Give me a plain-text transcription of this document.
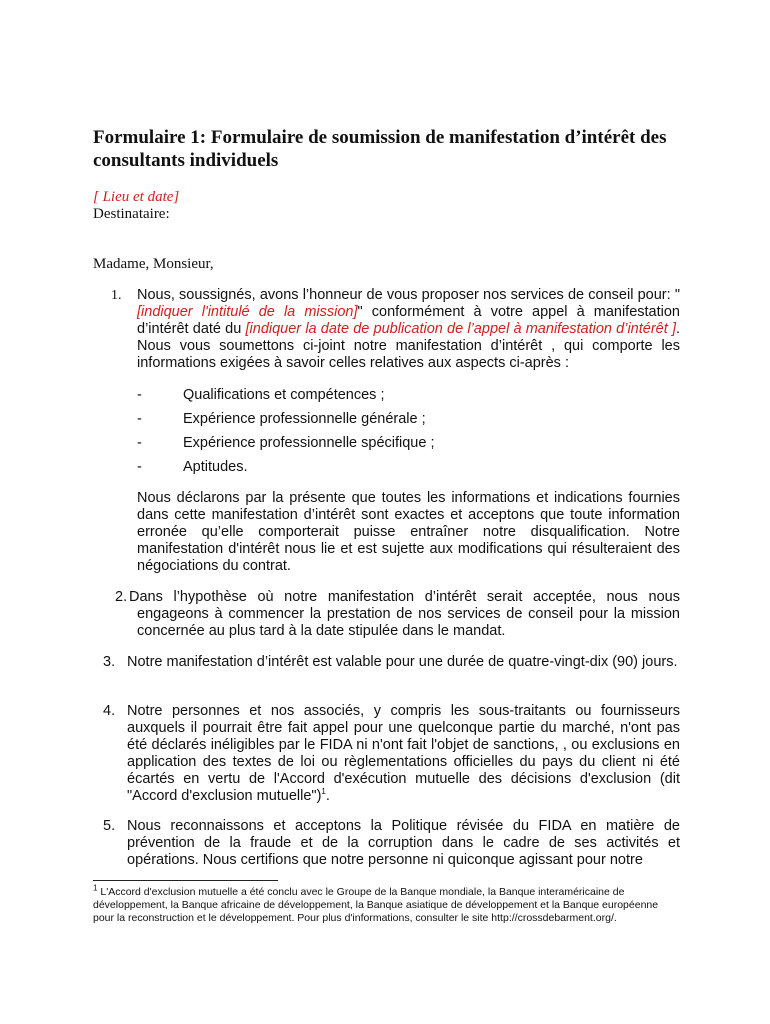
Formulaire 1: Formulaire de soumission de manifestation d’intérêt des consultants individuels
[ Lieu et date]
Destinataire:
Madame, Monsieur,
1. Nous, soussignés, avons l’honneur de vous proposer nos services de conseil pour: "[indiquer l'intitulé de la mission]" conformément à votre appel à manifestation d’intérêt daté du [indiquer la date de publication de l’appel à manifestation d’intérêt ]. Nous vous soumettons ci-joint notre manifestation d’intérêt , qui comporte les informations exigées à savoir celles relatives aux aspects ci-après :
-	Qualifications et compétences ;
-	Expérience professionnelle générale ;
-	Expérience professionnelle spécifique ;
-	Aptitudes.
Nous déclarons par la présente que toutes les informations et indications fournies dans cette manifestation d’intérêt sont exactes et acceptons que toute information erronée qu’elle comporterait puisse entraîner notre disqualification. Notre manifestation d'intérêt nous lie et est sujette aux modifications qui résulteraient des négociations du contrat.
2. Dans l’hypothèse où notre manifestation d’intérêt serait acceptée, nous nous engageons à commencer la prestation de nos services de conseil pour la mission concernée au plus tard à la date stipulée dans le mandat.
3. Notre manifestation d’intérêt est valable pour une durée de quatre-vingt-dix (90) jours.
4. Notre personnes et nos associés, y compris les sous-traitants ou fournisseurs auxquels il pourrait être fait appel pour une quelconque partie du marché, n'ont pas été déclarés inéligibles par le FIDA ni n'ont fait l'objet de sanctions, , ou exclusions en application des textes de loi ou règlementations officielles du pays du client ni été écartés en vertu de l'Accord d'exécution mutuelle des décisions d'exclusion (dit "Accord d'exclusion mutuelle")$^1$.
5. Nous reconnaissons et acceptons la Politique révisée du FIDA en matière de prévention de la fraude et de la corruption dans le cadre de ses activités et opérations. Nous certifions que notre personne ni quiconque agissant pour notre
$^1$ L'Accord d'exclusion mutuelle a été conclu avec le Groupe de la Banque mondiale, la Banque interaméricaine de développement, la Banque africaine de développement, la Banque asiatique de développement et la Banque européenne pour la reconstruction et le développement. Pour plus d'informations, consulter le site http://crossdebarment.org/.
